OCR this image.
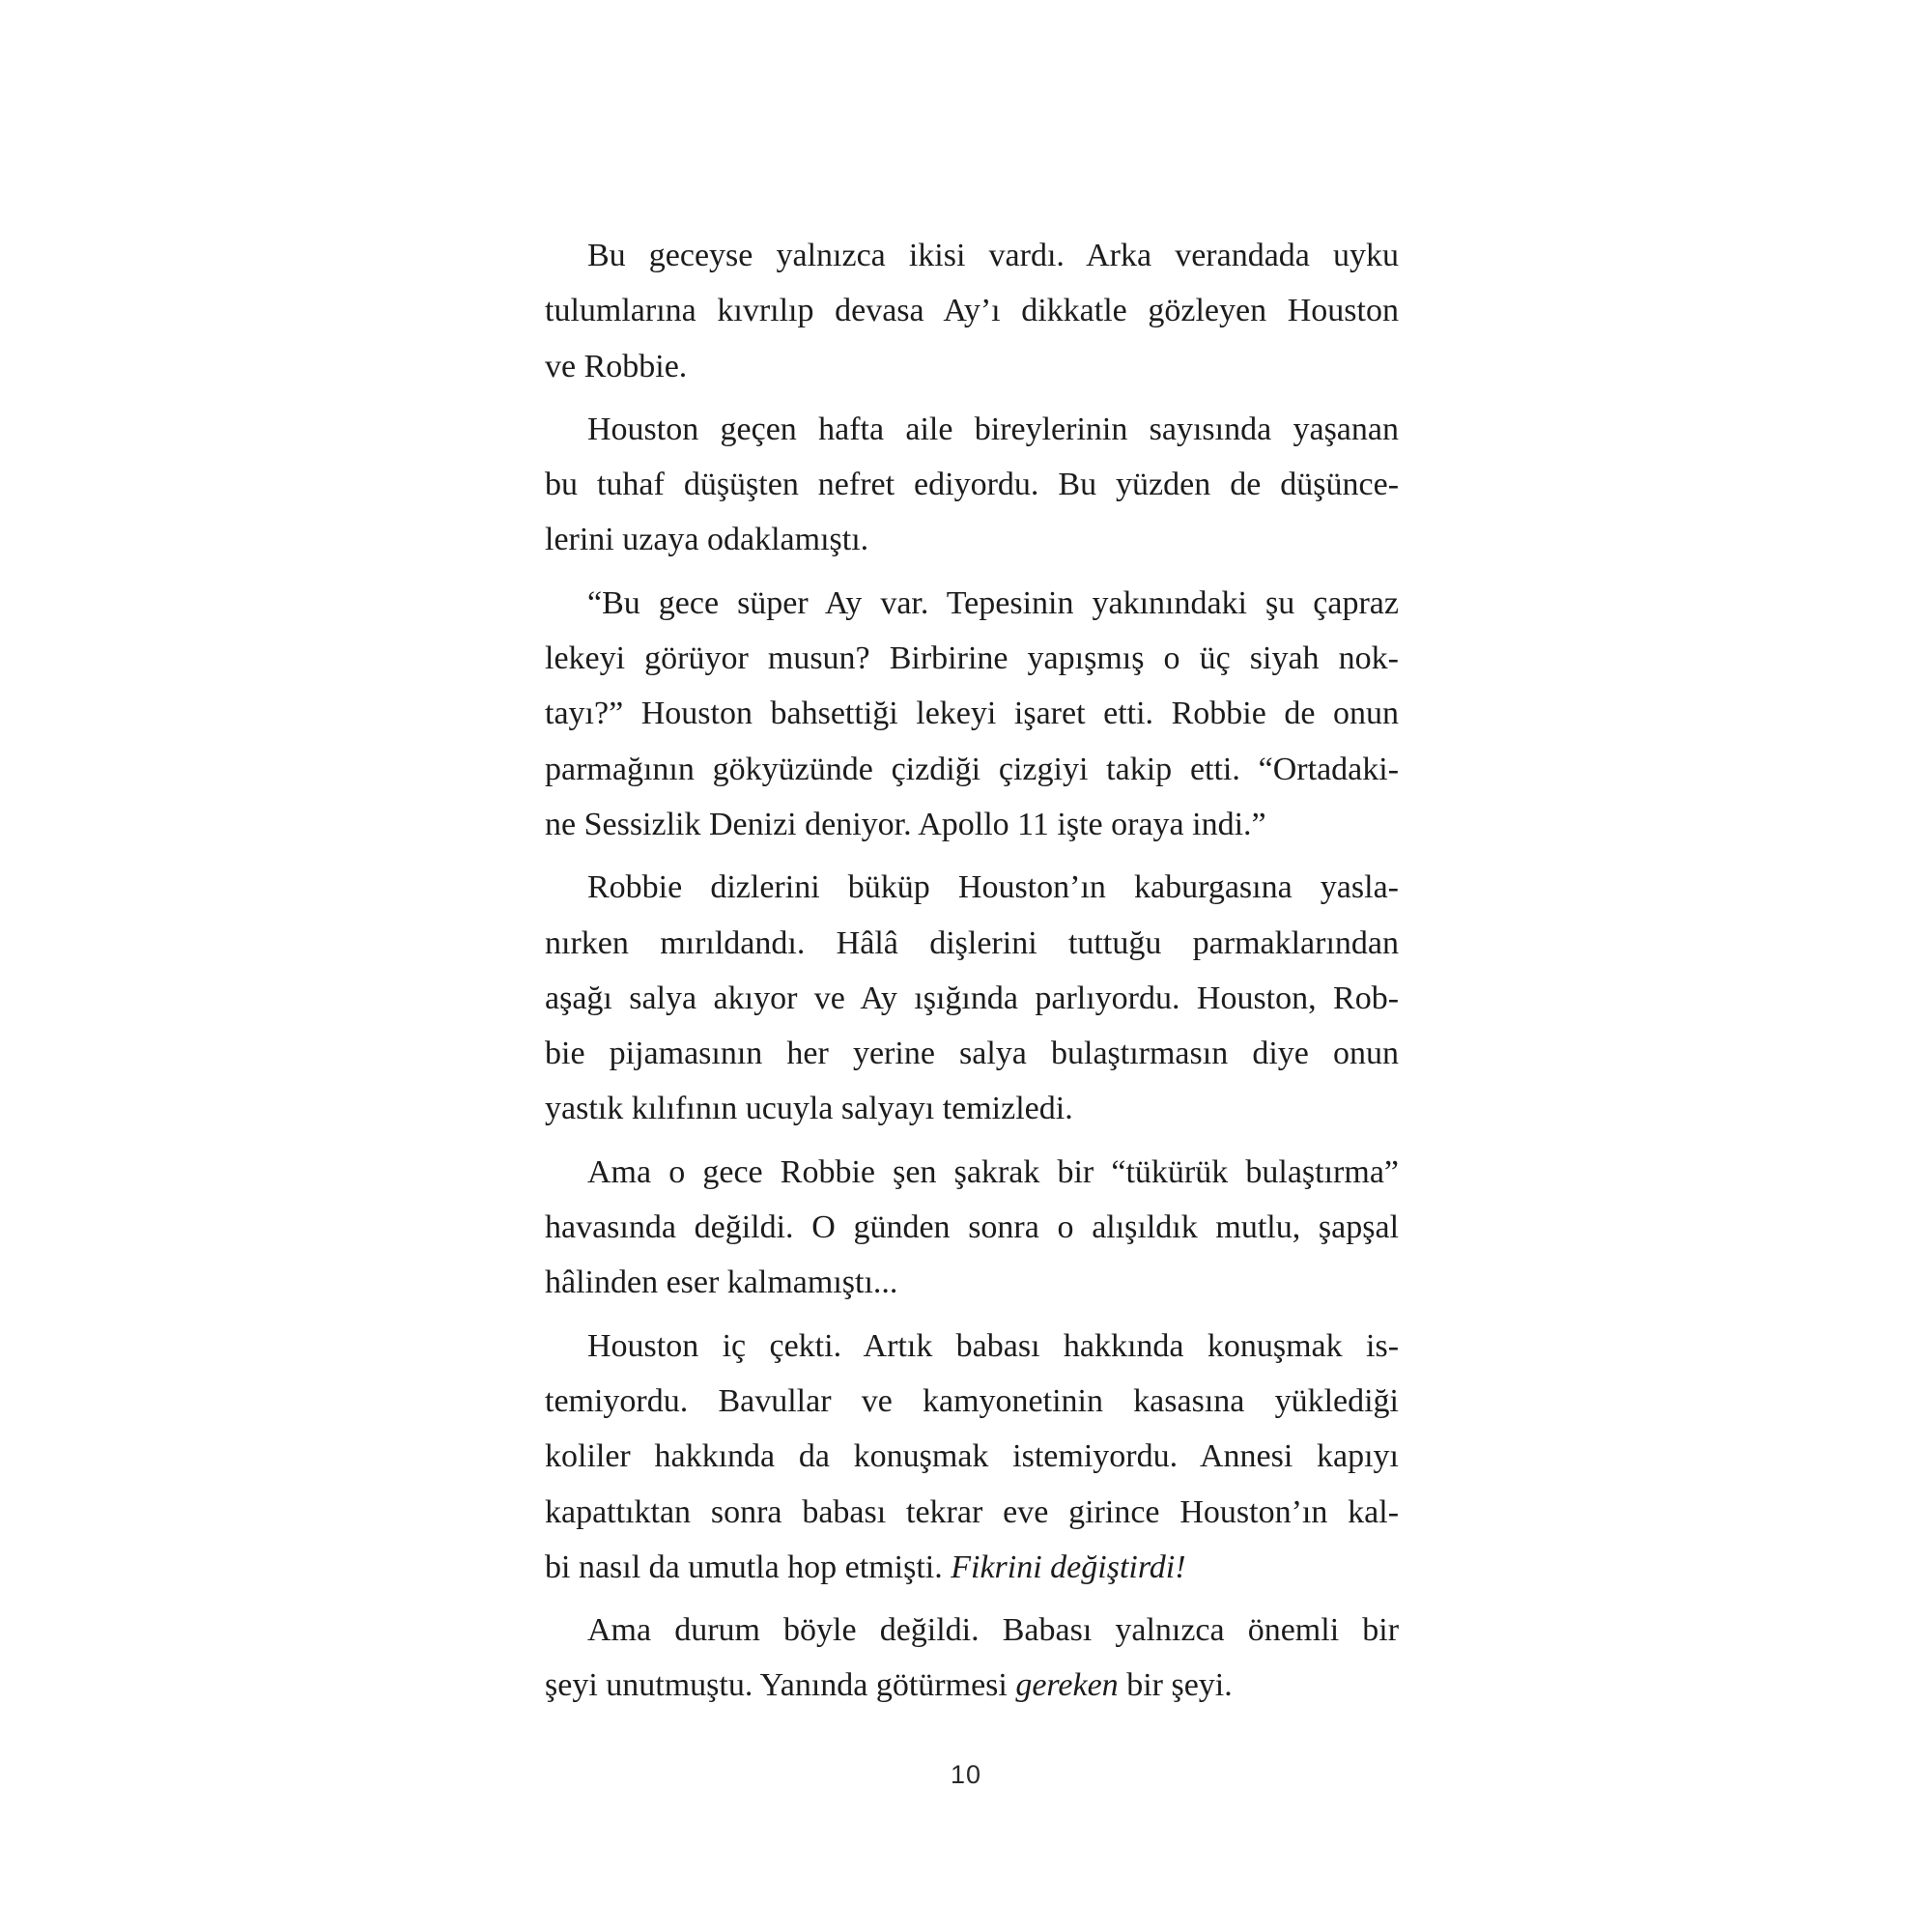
Bu geceyse yalnızca ikisi vardı. Arka verandada uyku
tulumlarına kıvrılıp devasa Ay’ı dikkatle gözleyen Houston
ve Robbie.

Houston geçen hafta aile bireylerinin sayısında yaşanan
bu tuhaf düşüşten nefret ediyordu. Bu yüzden de düşünce-
lerini uzaya odaklamıştı.

“Bu gece süper Ay var. Tepesinin yakınındaki şu çapraz
lekeyi görüyor musun? Birbirine yapışmış o üç siyah nok-
tayı?” Houston bahsettiği lekeyi işaret etti. Robbie de onun
parmağının gökyüzünde çizdiği çizgiyi takip etti. “Ortadaki-
ne Sessizlik Denizi deniyor. Apollo 11 işte oraya indi.”

Robbie dizlerini büküp Houston’ın kaburgasına yasla-
nırken mırıldandı. Hâlâ dişlerini tuttuğu parmaklarından
aşağı salya akıyor ve Ay ışığında parlıyordu. Houston, Rob-
bie pijamasının her yerine salya bulaştırmasın diye onun
yastık kılıfının ucuyla salyayı temizledi.

Ama o gece Robbie şen şakrak bir “tükürük bulaştırma”
havasında değildi. O günden sonra o alışıldık mutlu, şapşal
hâlinden eser kalmamıştı...

Houston iç çekti. Artık babası hakkında konuşmak is-
temiyordu. Bavullar ve kamyonetinin kasasına yüklediği
koliler hakkında da konuşmak istemiyordu. Annesi kapıyı
kapattıktan sonra babası tekrar eve girince Houston’ın kal-
bi nasıl da umutla hop etmişti. Fikrini değiştirdi!

Ama durum böyle değildi. Babası yalnızca önemli bir
şeyi unutmuştu. Yanında götürmesi gereken bir şeyi.

10
